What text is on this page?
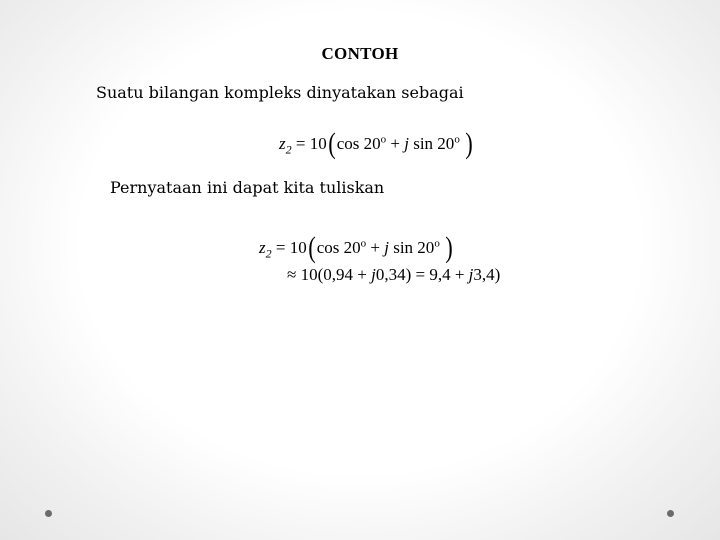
CONTOH
Suatu bilangan kompleks dinyatakan sebagai
$z_2 = 10(\cos$ $20^o + j$ sin 20$^o$ )
Pernyataan ini dapat kita tuliskan
$z_2 = 10(\cos$ $20^o + j$ sin 20$^o$ )
≈ 10(0,94 + j0,34) = 9,4 + j3,4)
